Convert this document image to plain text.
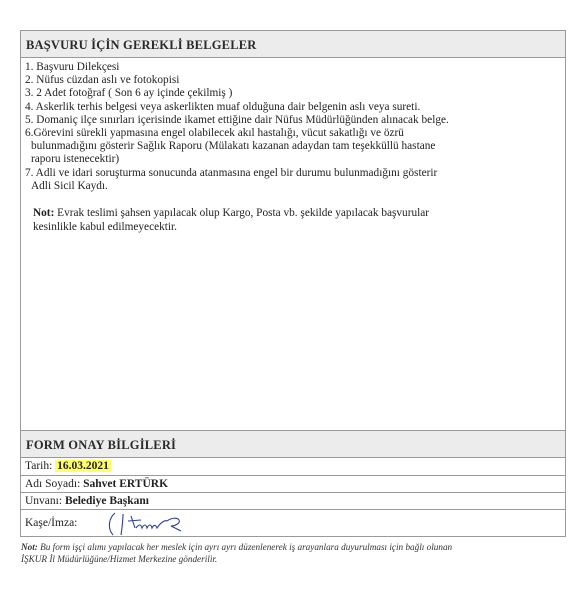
BAŞVURU İÇİN GEREKLİ BELGELER

1. Başvuru Dilekçesi

2. Nüfus cüzdan aslı ve fotokopisi

3. 2 Adet fotoğraf ( Son 6 ay içinde çekilmiş )

4. Askerlik terhis belgesi veya askerlikten muaf olduğuna dair belgenin aslı veya sureti.

5. Domaniç ilçe sınırları içerisinde ikamet ettiğine dair Nüfus Müdürlüğünden alınacak belge.

6.Görevini sürekli yapmasına engel olabilecek akıl hastalığı, vücut sakatlığı ve özrü

bulunmadığını gösterir Sağlık Raporu (Mülakatı kazanan adaydan tam teşekküllü hastane

raporu istenecektir)

7. Adli ve idari soruşturma sonucunda atanmasına engel bir durumu bulunmadığını gösterir

Adli Sicil Kaydı.

Not: Evrak teslimi şahsen yapılacak olup Kargo, Posta vb. şekilde yapılacak başvurular
kesinlikle kabul edilmeyecektir.
FORM ONAY BİLGİLERİ
Tarih: 16.03.2021
Adı Soyadı: Sahvet ERTÜRK
Unvanı: Belediye Başkanı
Kaşe/İmza:
Not: Bu form işçi alımı yapılacak her meslek için ayrı ayrı düzenlenerek iş arayanlara duyurulması için bağlı olunan
İŞKUR İl Müdürlüğüne/Hizmet Merkezine gönderilir.
